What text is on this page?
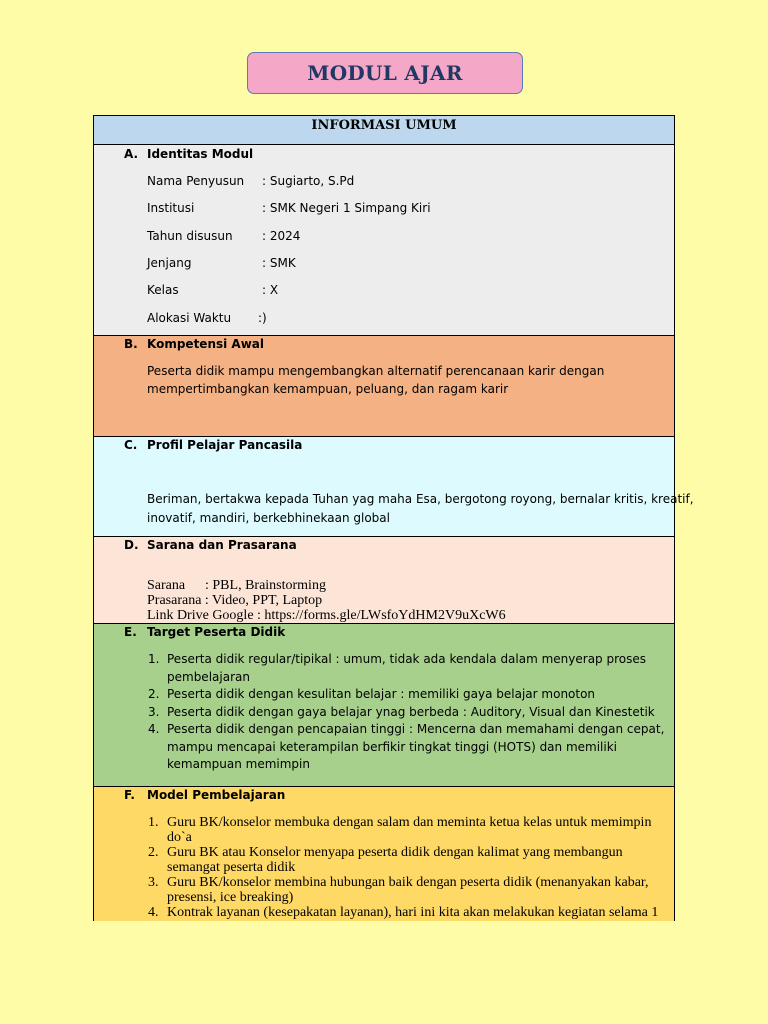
MODUL AJAR
INFORMASI UMUM
A. Identitas Modul
Nama Penyusun : Sugiarto, S.Pd
Institusi	: SMK Negeri 1 Simpang Kiri
Tahun disusun : 2024
Jenjang	: SMK
Kelas	: X
Alokasi Waktu :)
B. Kompetensi Awal
Peserta didik mampu mengembangkan alternatif perencanaan karir dengan
mempertimbangkan kemampuan, peluang, dan ragam karir
C. Profil Pelajar Pancasila
Beriman, bertakwa kepada Tuhan yag maha Esa, bergotong royong, bernalar kritis, kreatif,
inovatif, mandiri, berkebhinekaan global
D. Sarana dan Prasarana
Sarana : PBL, Brainstorming
Prasarana : Video, PPT, Laptop
Link Drive Google : https://forms.gle/LWsfoYdHM2V9uXcW6
E. Target Peserta Didik
1. Peserta didik regular/tipikal : umum, tidak ada kendala dalam menyerap proses
pembelajaran
2. Peserta didik dengan kesulitan belajar : memiliki gaya belajar monoton
3. Peserta didik dengan gaya belajar ynag berbeda : Auditory, Visual dan Kinestetik
4. Peserta didik dengan pencapaian tinggi : Mencerna dan memahami dengan cepat,
mampu mencapai keterampilan berfikir tingkat tinggi (HOTS) dan memiliki
kemampuan memimpin
F. Model Pembelajaran
1. Guru BK/konselor membuka dengan salam dan meminta ketua kelas untuk memimpin
do`a
2. Guru BK atau Konselor menyapa peserta didik dengan kalimat yang membangun
semangat peserta didik
3. Guru BK/konselor membina hubungan baik dengan peserta didik (menanyakan kabar,
presensi, ice breaking)
4. Kontrak layanan (kesepakatan layanan), hari ini kita akan melakukan kegiatan selama 1
